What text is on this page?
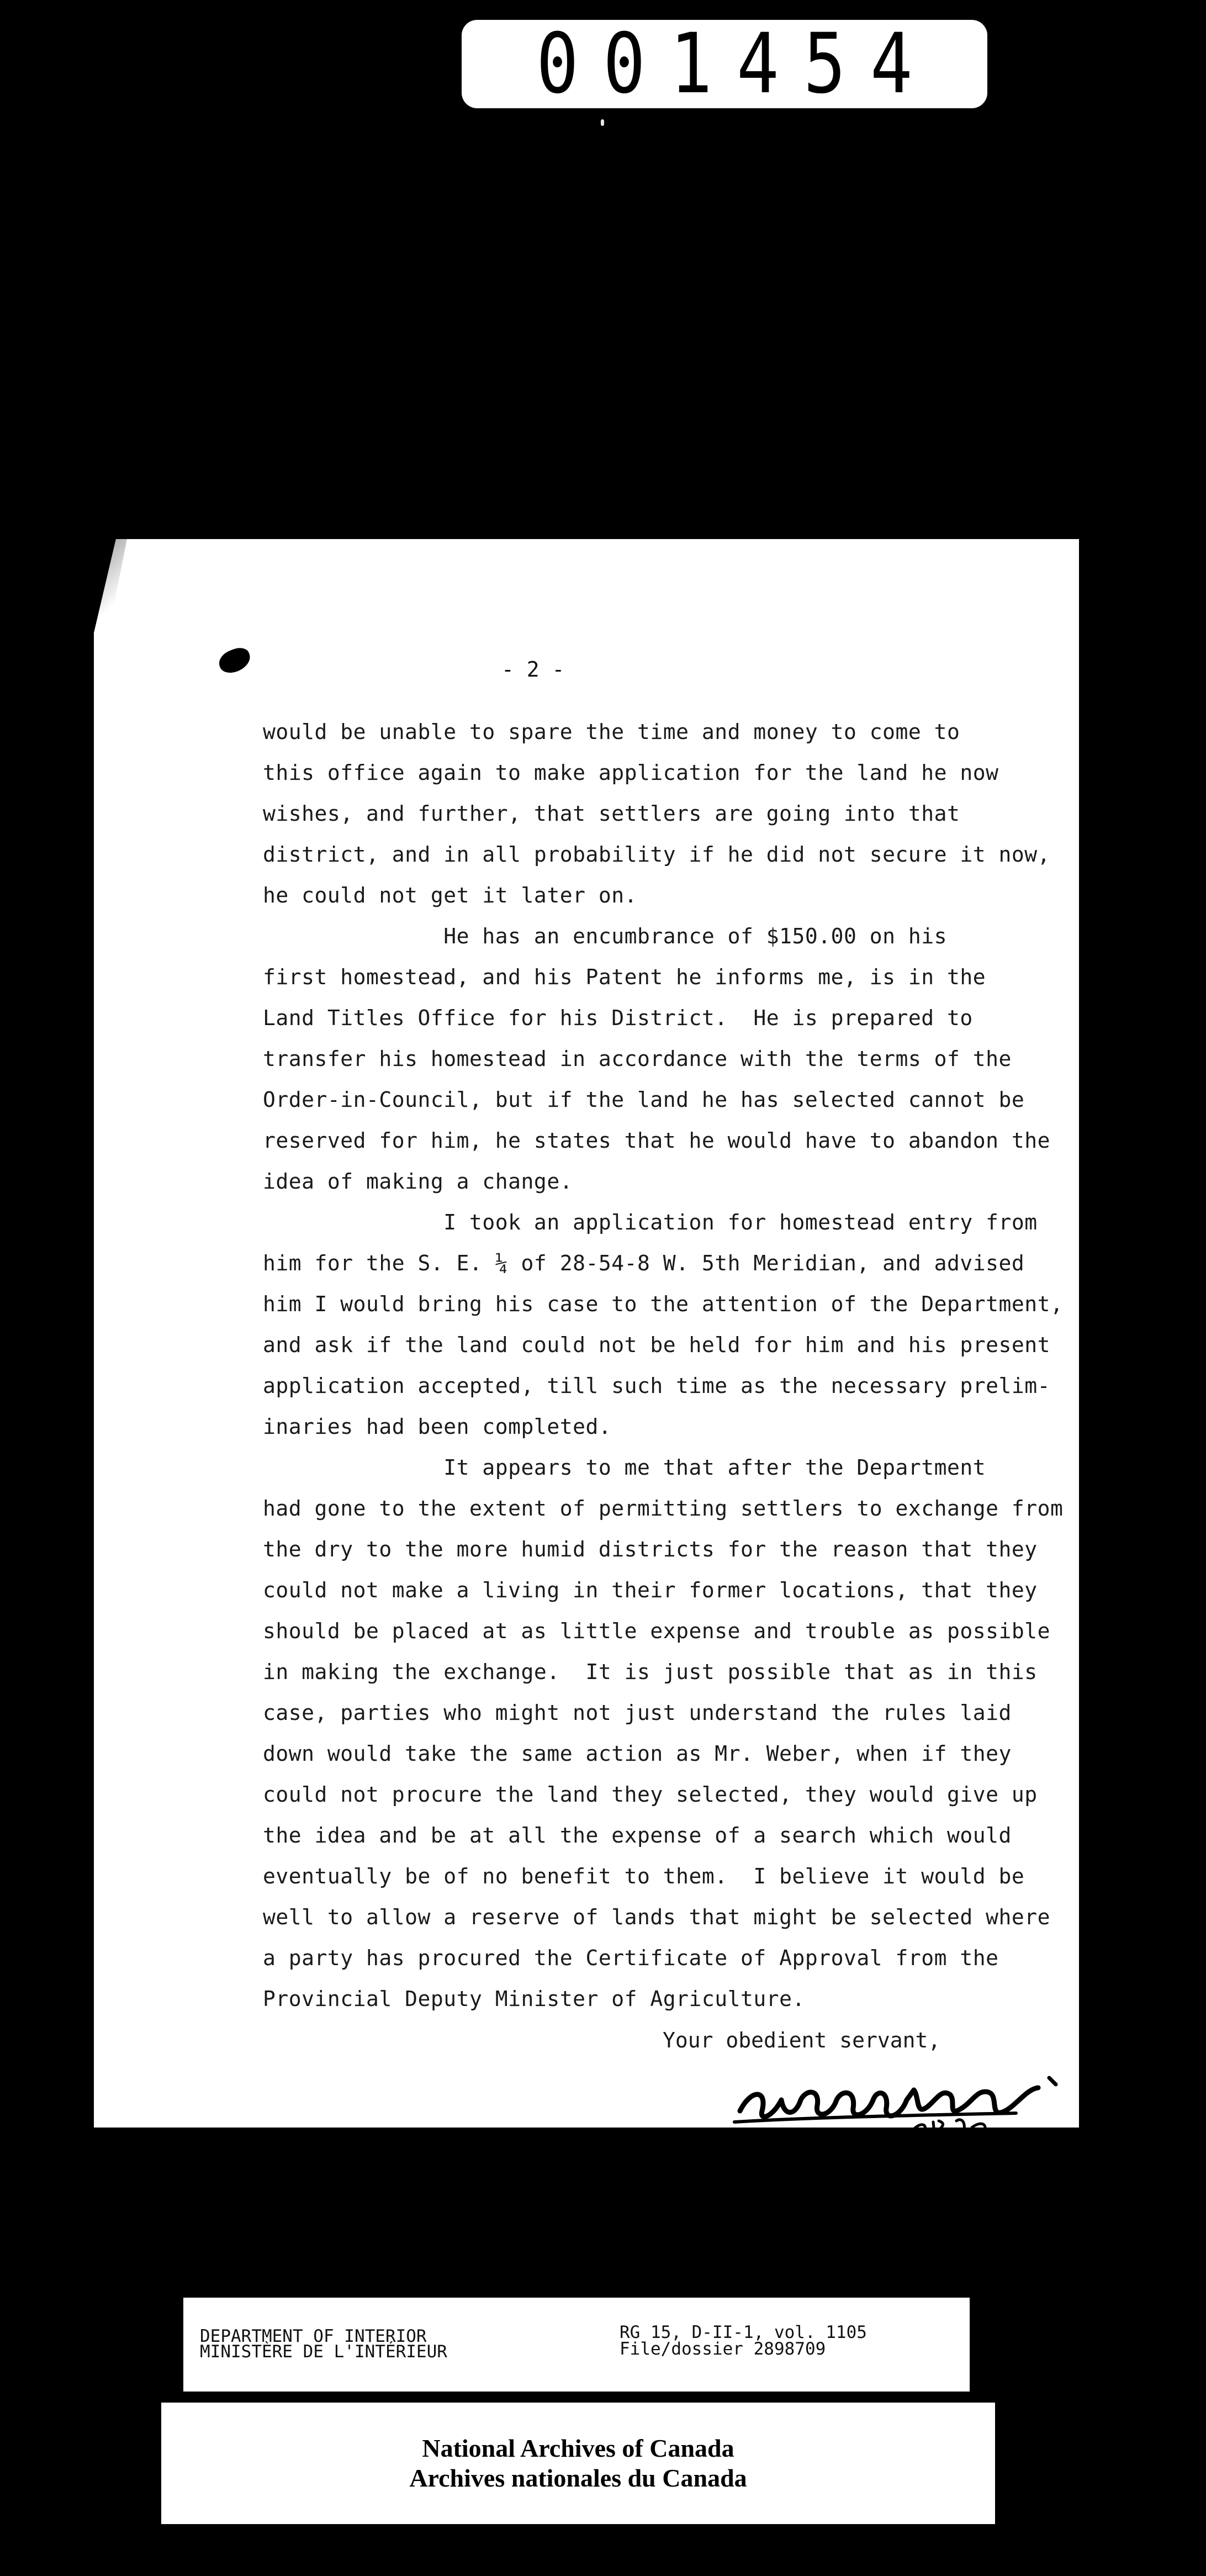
001454
- 2 -
would be unable to spare the time and money to come to
this office again to make application for the land he now
wishes, and further, that settlers are going into that
district, and in all probability if he did not secure it now,
he could not get it later on.
He has an encumbrance of $150.00 on his
first homestead, and his Patent he informs me, is in the
Land Titles Office for his District.  He is prepared to
transfer his homestead in accordance with the terms of the
Order-in-Council, but if the land he has selected cannot be
reserved for him, he states that he would have to abandon the
idea of making a change.
I took an application for homestead entry from
him for the S. E. ¼ of 28-54-8 W. 5th Meridian, and advised
him I would bring his case to the attention of the Department,
and ask if the land could not be held for him and his present
application accepted, till such time as the necessary prelim-
inaries had been completed.
It appears to me that after the Department
had gone to the extent of permitting settlers to exchange from
the dry to the more humid districts for the reason that they
could not make a living in their former locations, that they
should be placed at as little expense and trouble as possible
in making the exchange.  It is just possible that as in this
case, parties who might not just understand the rules laid
down would take the same action as Mr. Weber, when if they
could not procure the land they selected, they would give up
the idea and be at all the expense of a search which would
eventually be of no benefit to them.  I believe it would be
well to allow a reserve of lands that might be selected where
a party has procured the Certificate of Approval from the
Provincial Deputy Minister of Agriculture.
Your obedient servant,
DEPARTMENT OF INTERIOR
MINISTÈRE DE L'INTÉRIEUR
RG 15, D-II-1, vol. 1105
File/dossier 2898709
National Archives of Canada
Archives nationales du Canada
